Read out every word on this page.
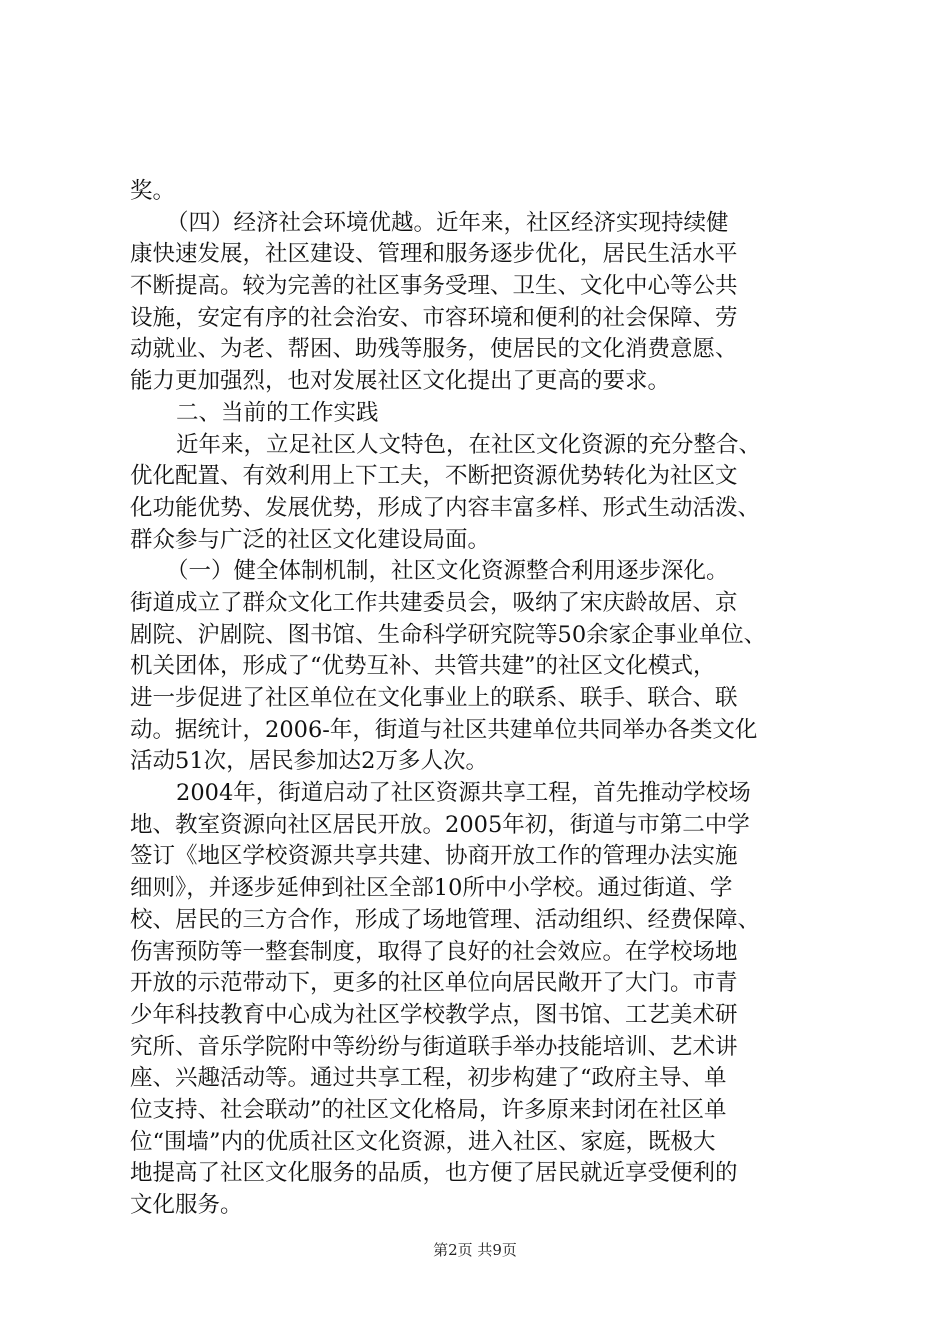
奖。
（四）经济社会环境优越。近年来，社区经济实现持续健
康快速发展，社区建设、管理和服务逐步优化，居民生活水平
不断提高。较为完善的社区事务受理、卫生、文化中心等公共
设施，安定有序的社会治安、市容环境和便利的社会保障、劳
动就业、为老、帮困、助残等服务，使居民的文化消费意愿、
能力更加强烈，也对发展社区文化提出了更高的要求。
二、当前的工作实践
近年来，立足社区人文特色，在社区文化资源的充分整合、
优化配置、有效利用上下工夫，不断把资源优势转化为社区文
化功能优势、发展优势，形成了内容丰富多样、形式生动活泼、
群众参与广泛的社区文化建设局面。
（一）健全体制机制，社区文化资源整合利用逐步深化。
街道成立了群众文化工作共建委员会，吸纳了宋庆龄故居、京
剧院、沪剧院、图书馆、生命科学研究院等50余家企事业单位、
机关团体，形成了“优势互补、共管共建”的社区文化模式，
进一步促进了社区单位在文化事业上的联系、联手、联合、联
动。据统计，2006-年，街道与社区共建单位共同举办各类文化
活动51次，居民参加达2万多人次。
2004年，街道启动了社区资源共享工程，首先推动学校场
地、教室资源向社区居民开放。2005年初，街道与市第二中学
签订《地区学校资源共享共建、协商开放工作的管理办法实施
细则》，并逐步延伸到社区全部10所中小学校。通过街道、学
校、居民的三方合作，形成了场地管理、活动组织、经费保障、
伤害预防等一整套制度，取得了良好的社会效应。在学校场地
开放的示范带动下，更多的社区单位向居民敞开了大门。市青
少年科技教育中心成为社区学校教学点，图书馆、工艺美术研
究所、音乐学院附中等纷纷与街道联手举办技能培训、艺术讲
座、兴趣活动等。通过共享工程，初步构建了“政府主导、单
位支持、社会联动”的社区文化格局，许多原来封闭在社区单
位“围墙”内的优质社区文化资源，进入社区、家庭，既极大
地提高了社区文化服务的品质，也方便了居民就近享受便利的
文化服务。
第2页 共9页
